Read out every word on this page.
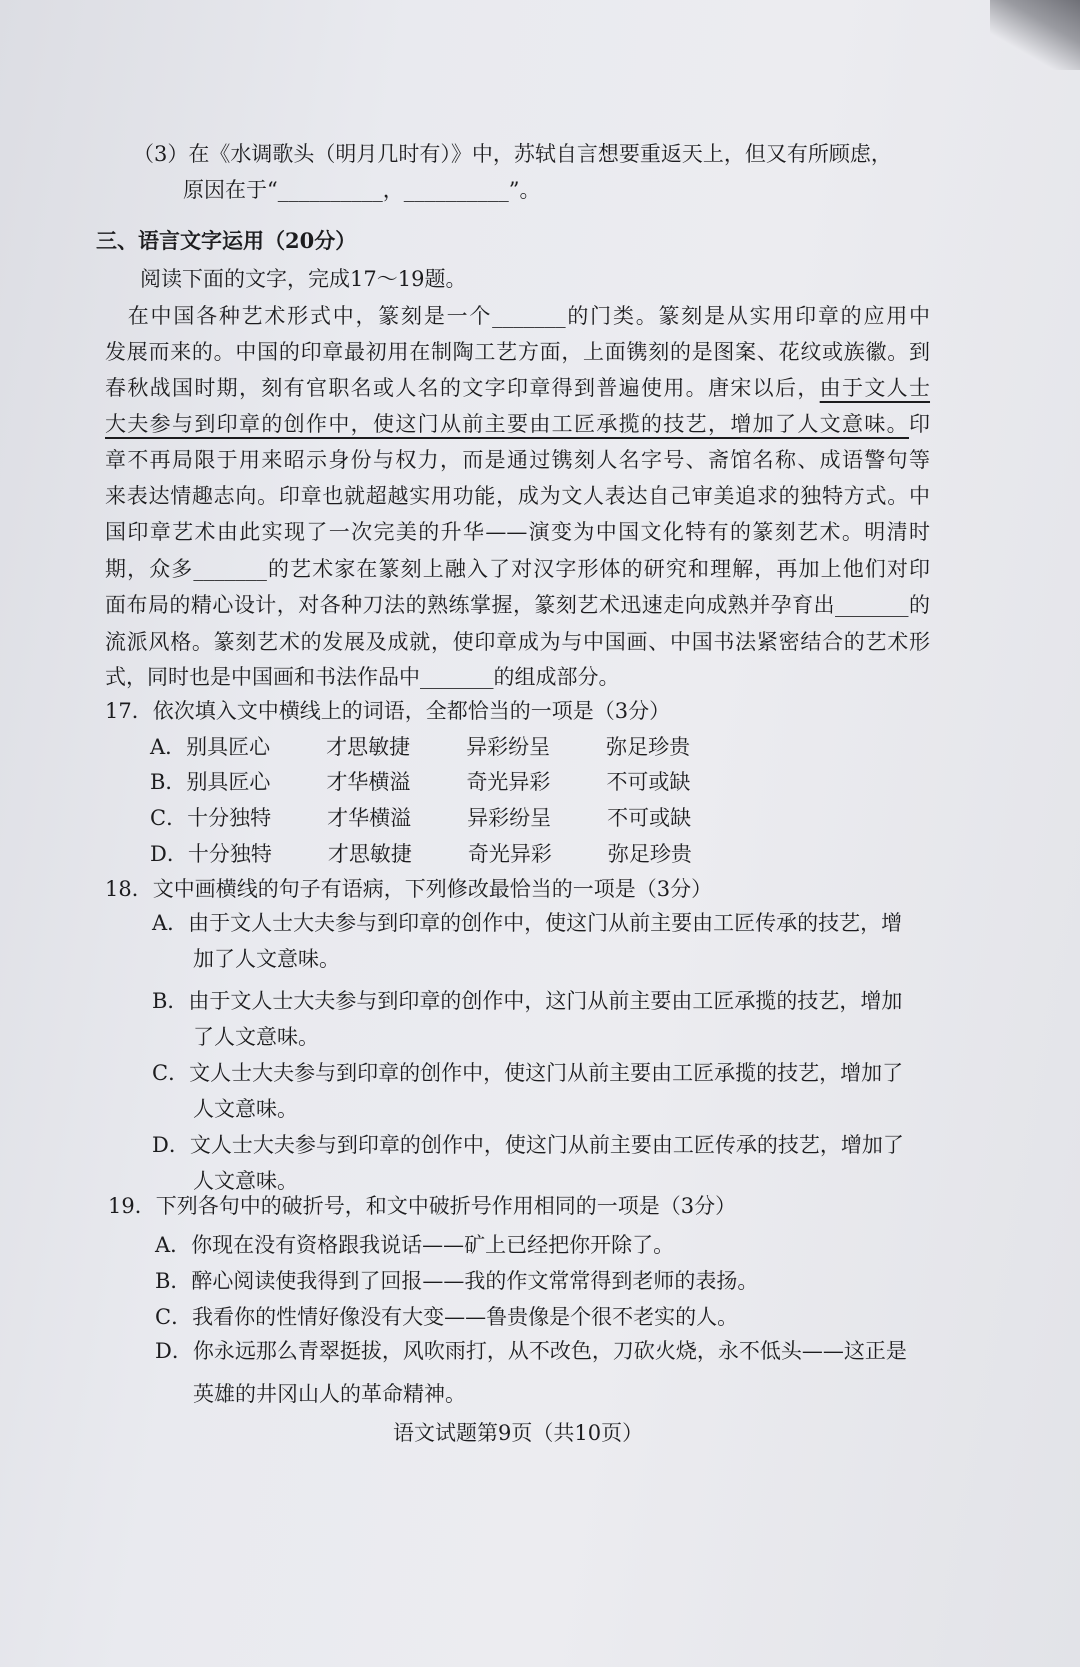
（3）在《水调歌头（明月几时有）》中，苏轼自言想要重返天上，但又有所顾虑，
原因在于“__________，__________”。
三、语言文字运用（20分）
阅读下面的文字，完成17～19题。
　在中国各种艺术形式中，篆刻是一个_______的门类。篆刻是从实用印章的应用中
发展而来的。中国的印章最初用在制陶工艺方面，上面镌刻的是图案、花纹或族徽。到
春秋战国时期，刻有官职名或人名的文字印章得到普遍使用。唐宋以后，由于文人士
大夫参与到印章的创作中，使这门从前主要由工匠承揽的技艺，增加了人文意味。印
章不再局限于用来昭示身份与权力，而是通过镌刻人名字号、斋馆名称、成语警句等
来表达情趣志向。印章也就超越实用功能，成为文人表达自己审美追求的独特方式。中
国印章艺术由此实现了一次完美的升华——演变为中国文化特有的篆刻艺术。明清时
期，众多_______的艺术家在篆刻上融入了对汉字形体的研究和理解，再加上他们对印
面布局的精心设计，对各种刀法的熟练掌握，篆刻艺术迅速走向成熟并孕育出_______的
流派风格。篆刻艺术的发展及成就，使印章成为与中国画、中国书法紧密结合的艺术形
式，同时也是中国画和书法作品中_______的组成部分。
17．依次填入文中横线上的词语，全都恰当的一项是（3分）
A．别具匠心	才思敏捷	异彩纷呈	弥足珍贵
B．别具匠心	才华横溢	奇光异彩	不可或缺
C．十分独特	才华横溢	异彩纷呈	不可或缺
D．十分独特	才思敏捷	奇光异彩	弥足珍贵
18．文中画横线的句子有语病，下列修改最恰当的一项是（3分）
A．由于文人士大夫参与到印章的创作中，使这门从前主要由工匠传承的技艺，增
加了人文意味。
B．由于文人士大夫参与到印章的创作中，这门从前主要由工匠承揽的技艺，增加
了人文意味。
C．文人士大夫参与到印章的创作中，使这门从前主要由工匠承揽的技艺，增加了
人文意味。
D．文人士大夫参与到印章的创作中，使这门从前主要由工匠传承的技艺，增加了
人文意味。
19．下列各句中的破折号，和文中破折号作用相同的一项是（3分）
A．你现在没有资格跟我说话——矿上已经把你开除了。
B．醉心阅读使我得到了回报——我的作文常常得到老师的表扬。
C．我看你的性情好像没有大变——鲁贵像是个很不老实的人。
D．你永远那么青翠挺拔，风吹雨打，从不改色，刀砍火烧，永不低头——这正是
英雄的井冈山人的革命精神。
语文试题第9页（共10页）
